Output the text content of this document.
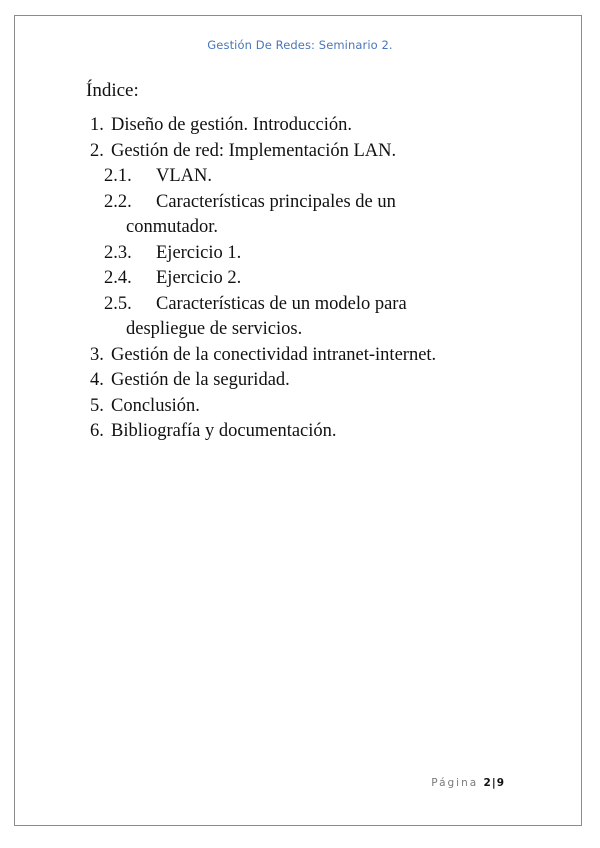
Gestión De Redes: Seminario 2.
Índice:
1. Diseño de gestión. Introducción.
2. Gestión de red: Implementación LAN.
2.1.	VLAN.
2.2.	Características principales de un
conmutador.
2.3.	Ejercicio 1.
2.4.	Ejercicio 2.
2.5.	Características de un modelo para
despliegue de servicios.
3. Gestión de la conectividad intranet-internet.
4. Gestión de la seguridad.
5. Conclusión.
6. Bibliografía y documentación.
Página 2|9
